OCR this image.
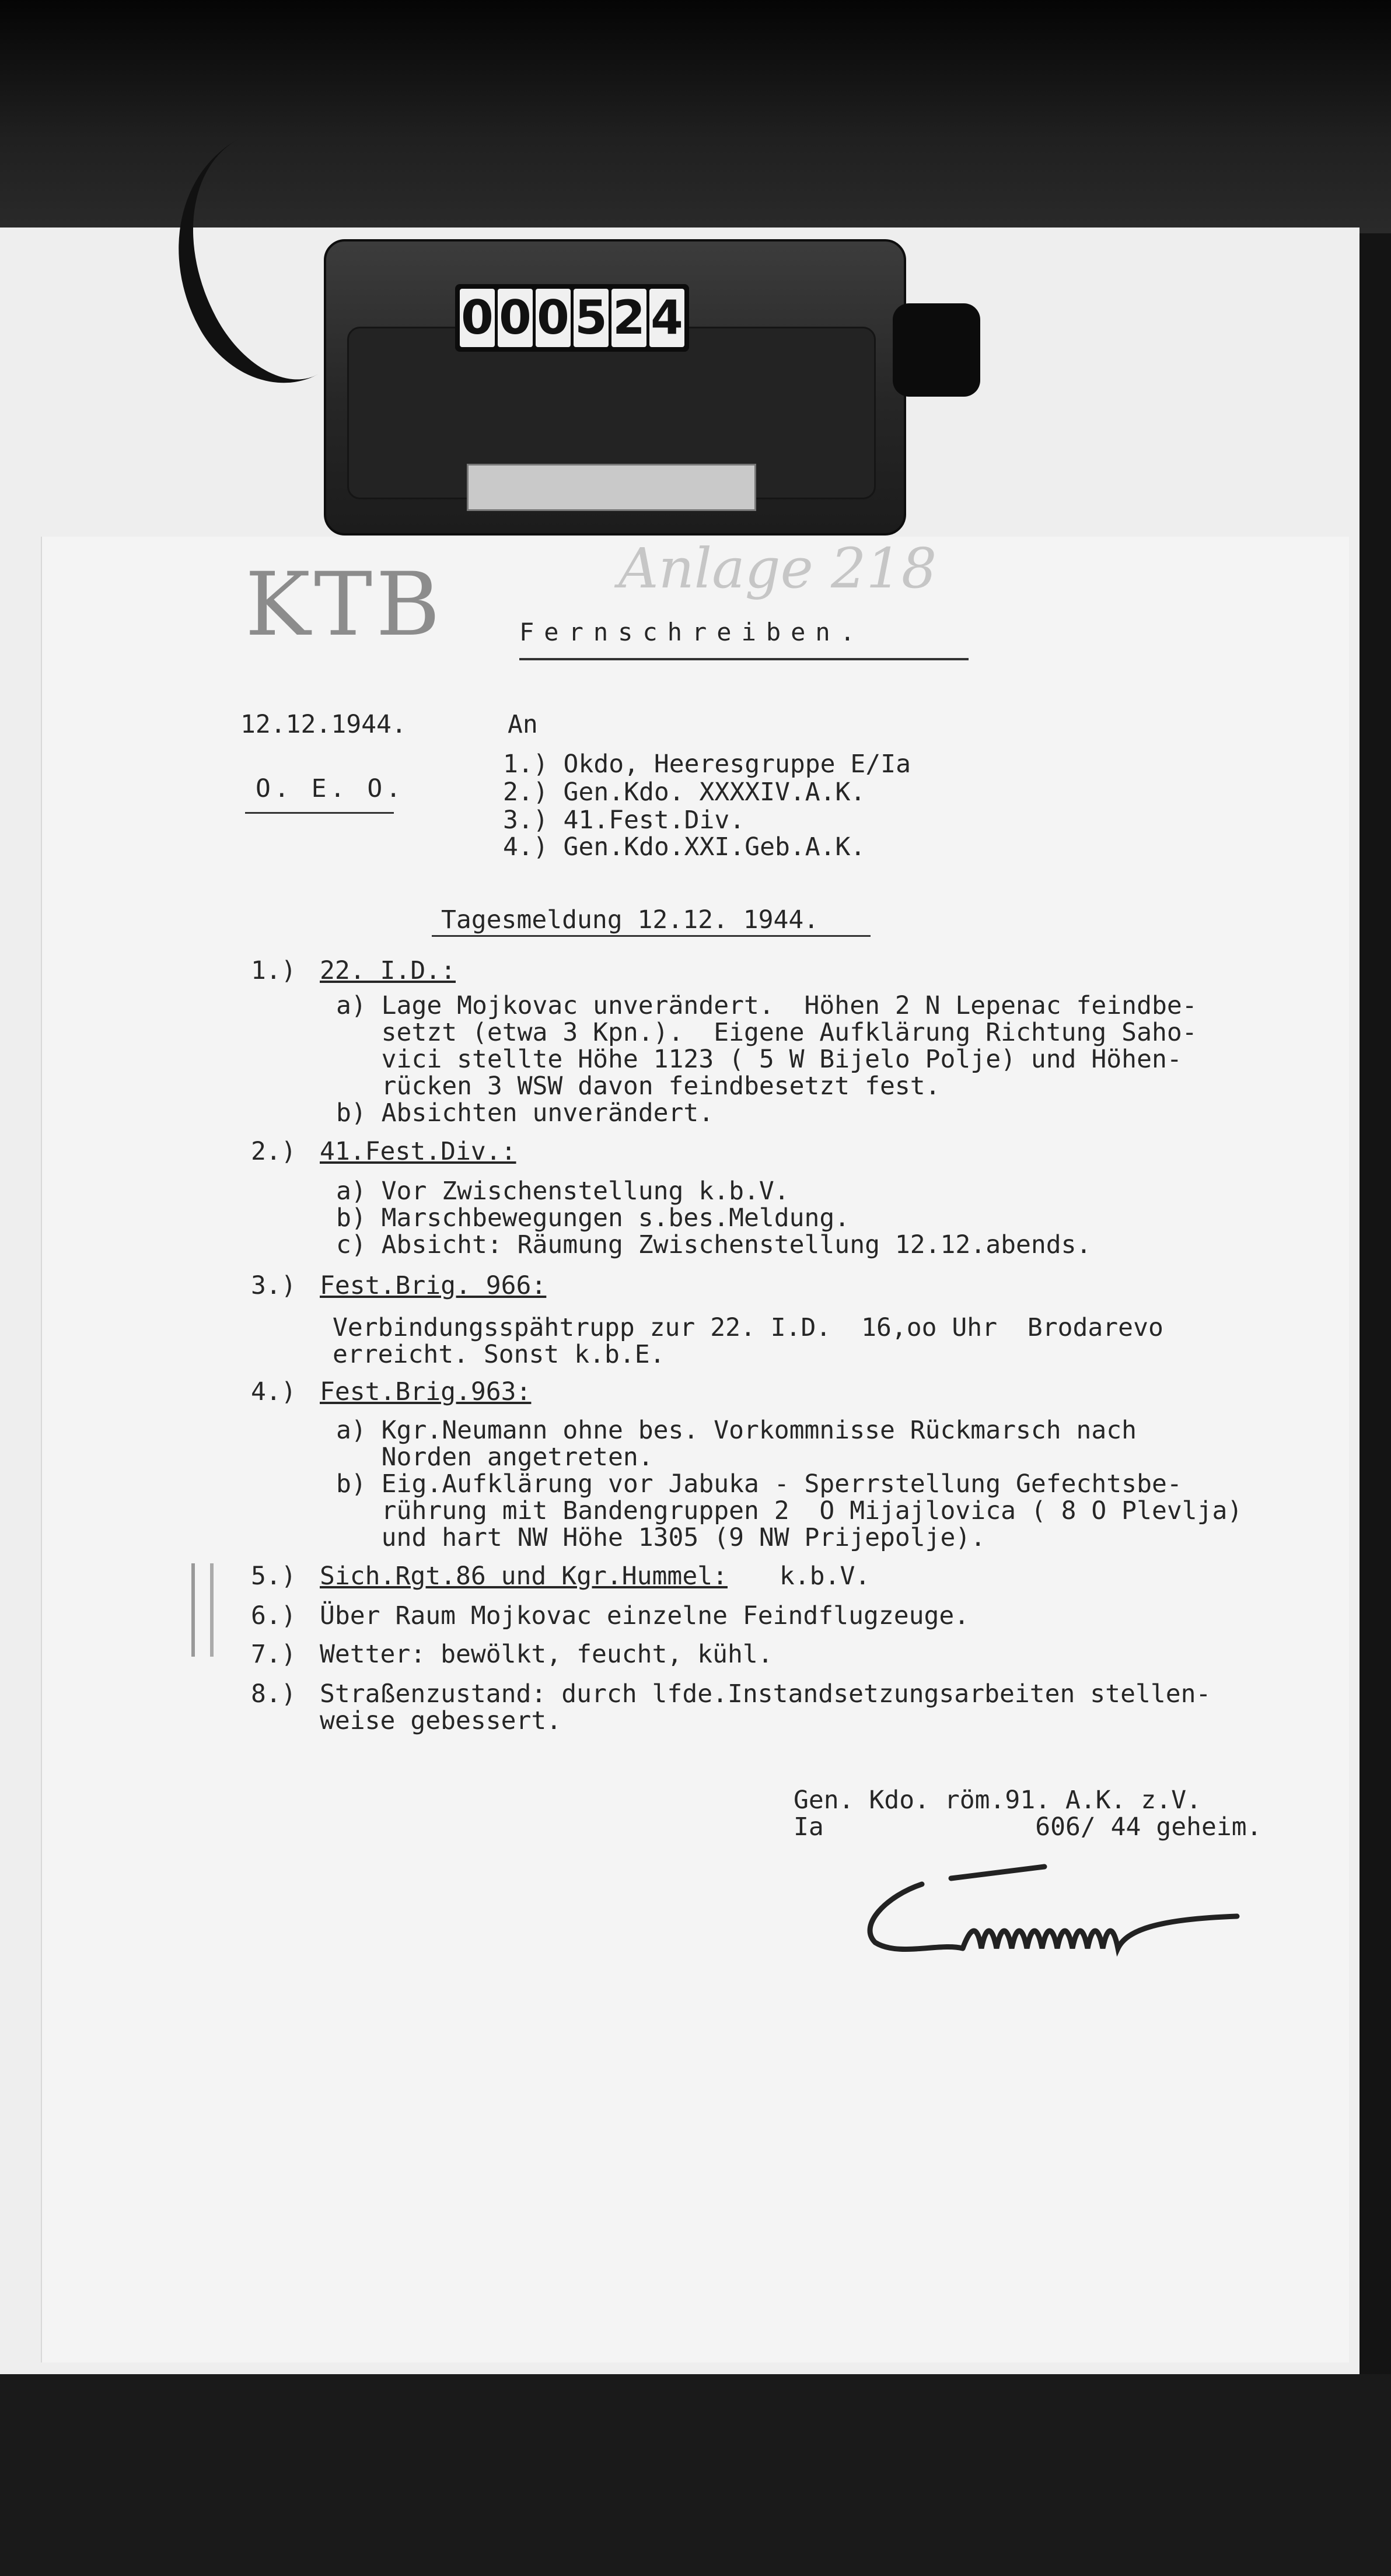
0 0 0 5 2 4
KTB	Anlage 218
Fernschreiben.
12.12.1944.
O. E. O.
An
1.) Okdo, Heeresgruppe E/Ia
2.) Gen.Kdo. XXXXIV.A.K.
3.) 41.Fest.Div.
4.) Gen.Kdo.XXI.Geb.A.K.
Tagesmeldung 12.12. 1944.
1.) 22. I.D.:
a) Lage Mojkovac unverändert.  Höhen 2 N Lepenac feindbe-
setzt (etwa 3 Kpn.).  Eigene Aufklärung Richtung Saho-
vici stellte Höhe 1123 ( 5 W Bijelo Polje) und Höhen-
rücken 3 WSW davon feindbesetzt fest.
b) Absichten unverändert.
2.) 41.Fest.Div.:
a) Vor Zwischenstellung k.b.V.
b) Marschbewegungen s.bes.Meldung.
c) Absicht: Räumung Zwischenstellung 12.12.abends.
3.) Fest.Brig. 966:
Verbindungsspähtrupp zur 22. I.D.  16,oo Uhr  Brodarevo
erreicht. Sonst k.b.E.
4.) Fest.Brig.963:
a) Kgr.Neumann ohne bes. Vorkommnisse Rückmarsch nach
Norden angetreten.
b) Eig.Aufklärung vor Jabuka - Sperrstellung Gefechtsbe-
rührung mit Bandengruppen 2  O Mijajlovica ( 8 O Plevlja)
und hart NW Höhe 1305 (9 NW Prijepolje).
5.) Sich.Rgt.86 und Kgr.Hummel: k.b.V.
6.) Über Raum Mojkovac einzelne Feindflugzeuge.
7.) Wetter: bewölkt, feucht, kühl.
8.) Straßenzustand: durch lfde.Instandsetzungsarbeiten stellen-
weise gebessert.
Gen. Kdo. röm.91. A.K. z.V.
Ia              606/ 44 geheim.
